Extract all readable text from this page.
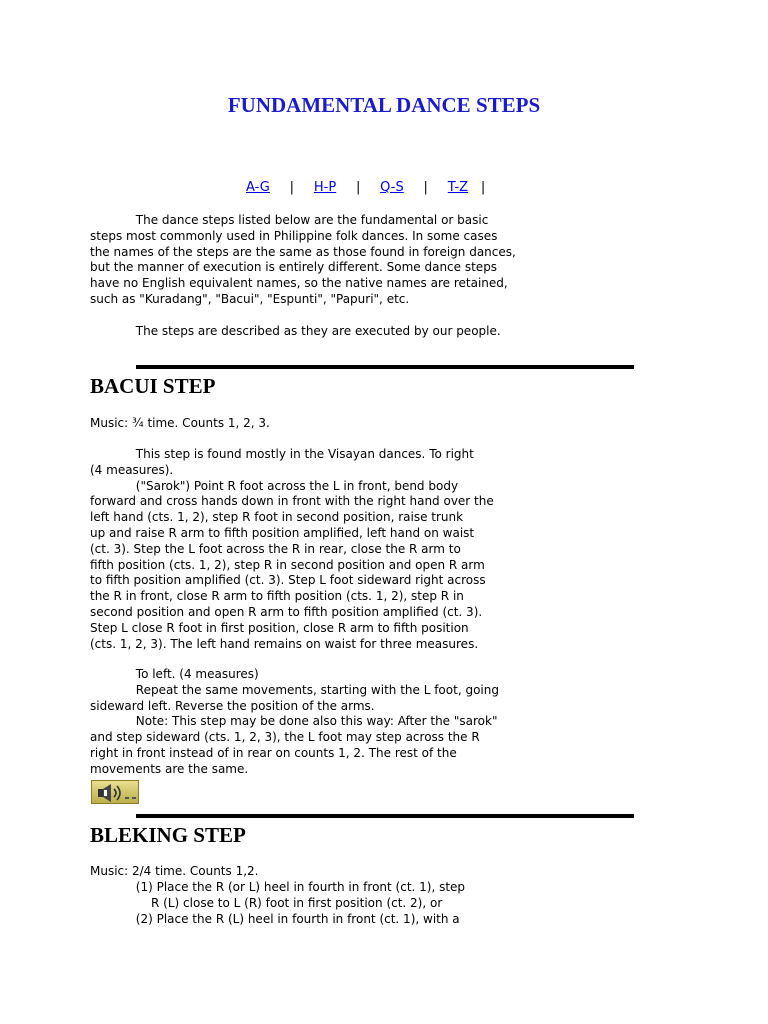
FUNDAMENTAL DANCE STEPS
A-G | H-P | Q-S | T-Z |

The dance steps listed below are the fundamental or basic
steps most commonly used in Philippine folk dances. In some cases
the names of the steps are the same as those found in foreign dances,
but the manner of execution is entirely different. Some dance steps
have no English equivalent names, so the native names are retained,
such as "Kuradang", "Bacui", "Espunti", "Papuri", etc.

The steps are described as they are executed by our people.

BACUI STEP

Music: ¾ time. Counts 1, 2, 3.

This step is found mostly in the Visayan dances. To right
(4 measures).
("Sarok") Point R foot across the L in front, bend body
forward and cross hands down in front with the right hand over the
left hand (cts. 1, 2), step R foot in second position, raise trunk
up and raise R arm to fifth position amplified, left hand on waist
(ct. 3). Step the L foot across the R in rear, close the R arm to
fifth position (cts. 1, 2), step R in second position and open R arm
to fifth position amplified (ct. 3). Step L foot sideward right across
the R in front, close R arm to fifth position (cts. 1, 2), step R in
second position and open R arm to fifth position amplified (ct. 3).
Step L close R foot in first position, close R arm to fifth position
(cts. 1, 2, 3). The left hand remains on waist for three measures.

To left. (4 measures)
Repeat the same movements, starting with the L foot, going
sideward left. Reverse the position of the arms.
Note: This step may be done also this way: After the "sarok"
and step sideward (cts. 1, 2, 3), the L foot may step across the R
right in front instead of in rear on counts 1, 2. The rest of the
movements are the same.

BLEKING STEP

Music: 2/4 time. Counts 1,2.

(1) Place the R (or L) heel in fourth in front (ct. 1), step
R (L) close to L (R) foot in first position (ct. 2), or
(2) Place the R (L) heel in fourth in front (ct. 1), with a
